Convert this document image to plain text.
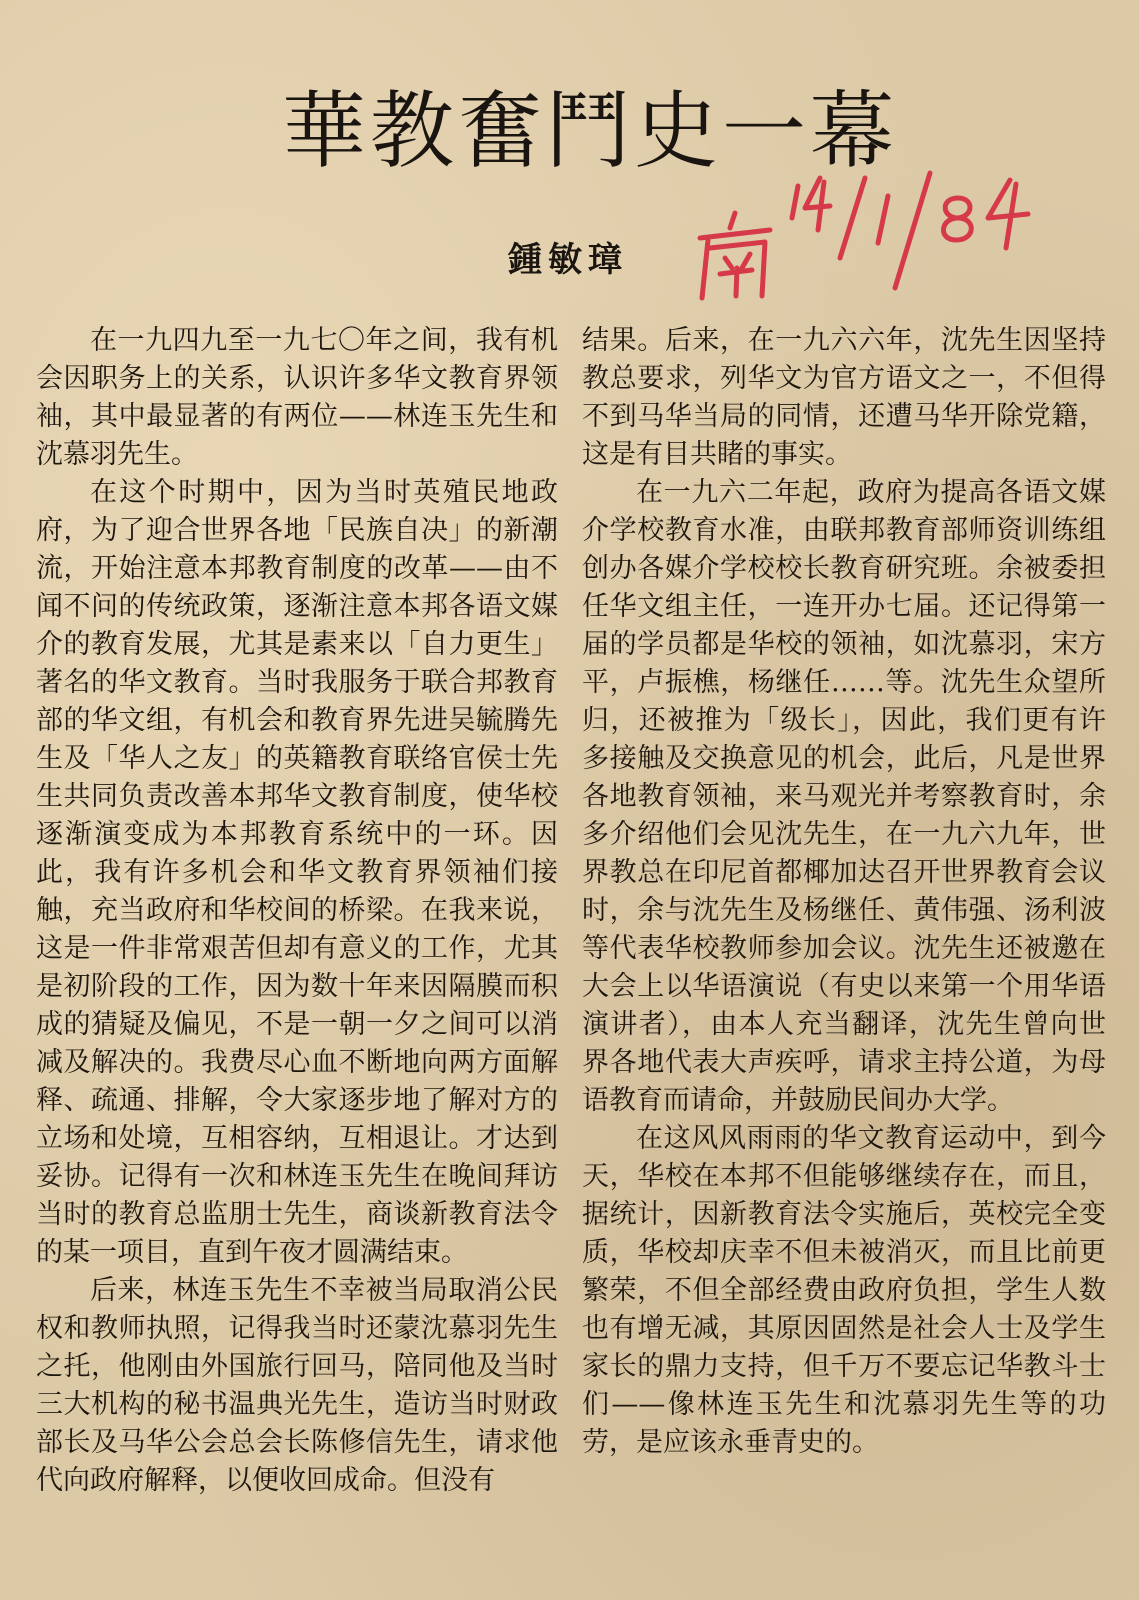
華教奮鬥史一幕
鍾敏璋
南 14/1/84

在一九四九至一九七〇年之间，我有机会因职务上的关系，认识许多华文教育界领袖，其中最显著的有两位——林连玉先生和沈慕羽先生。

在这个时期中，因为当时英殖民地政府，为了迎合世界各地「民族自决」的新潮流，开始注意本邦教育制度的改革——由不闻不问的传统政策，逐渐注意本邦各语文媒介的教育发展，尤其是素来以「自力更生」著名的华文教育。当时我服务于联合邦教育部的华文组，有机会和教育界先进吴毓腾先生及「华人之友」的英籍教育联络官侯士先生共同负责改善本邦华文教育制度，使华校逐渐演变成为本邦教育系统中的一环。因此，我有许多机会和华文教育界领袖们接触，充当政府和华校间的桥梁。在我来说，这是一件非常艰苦但却有意义的工作，尤其是初阶段的工作，因为数十年来因隔膜而积成的猜疑及偏见，不是一朝一夕之间可以消减及解决的。我费尽心血不断地向两方面解释、疏通、排解，令大家逐步地了解对方的立场和处境，互相容纳，互相退让。才达到妥协。记得有一次和林连玉先生在晚间拜访当时的教育总监朋士先生，商谈新教育法令的某一项目，直到午夜才圆满结束。

后来，林连玉先生不幸被当局取消公民权和教师执照，记得我当时还蒙沈慕羽先生之托，他刚由外国旅行回马，陪同他及当时三大机构的秘书温典光先生，造访当时财政部长及马华公会总会长陈修信先生，请求他代向政府解释，以便收回成命。但没有

结果。后来，在一九六六年，沈先生因坚持教总要求，列华文为官方语文之一，不但得不到马华当局的同情，还遭马华开除党籍，这是有目共睹的事实。

在一九六二年起，政府为提高各语文媒介学校教育水准，由联邦教育部师资训练组创办各媒介学校校长教育研究班。余被委担任华文组主任，一连开办七届。还记得第一届的学员都是华校的领袖，如沈慕羽，宋方平，卢振樵，杨继任……等。沈先生众望所归，还被推为「级长」，因此，我们更有许多接触及交换意见的机会，此后，凡是世界各地教育领袖，来马观光并考察教育时，余多介绍他们会见沈先生，在一九六九年，世界教总在印尼首都椰加达召开世界教育会议时，余与沈先生及杨继任、黄伟强、汤利波等代表华校教师参加会议。沈先生还被邀在大会上以华语演说（有史以来第一个用华语演讲者），由本人充当翻译，沈先生曾向世界各地代表大声疾呼，请求主持公道，为母语教育而请命，并鼓励民间办大学。

在这风风雨雨的华文教育运动中，到今天，华校在本邦不但能够继续存在，而且，据统计，因新教育法令实施后，英校完全变质，华校却庆幸不但未被消灭，而且比前更繁荣，不但全部经费由政府负担，学生人数也有增无减，其原因固然是社会人士及学生家长的鼎力支持，但千万不要忘记华教斗士们——像林连玉先生和沈慕羽先生等的功劳，是应该永垂青史的。
